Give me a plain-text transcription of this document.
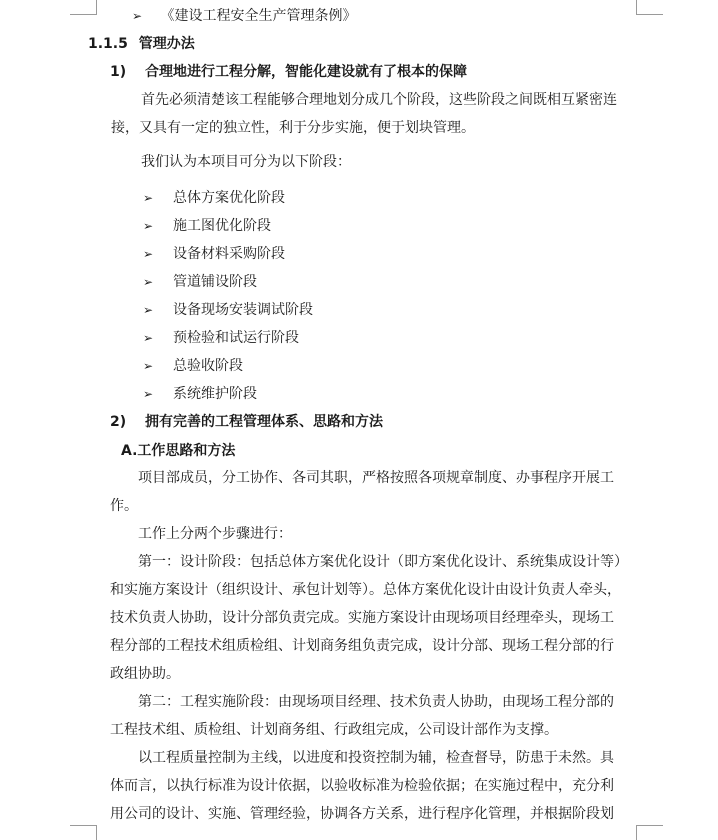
➢ 《建设工程安全生产管理条例》
1.1.5 管理办法
1) 合理地进行工程分解，智能化建设就有了根本的保障
首先必须清楚该工程能够合理地划分成几个阶段，这些阶段之间既相互紧密连
接，又具有一定的独立性，利于分步实施，便于划块管理。
我们认为本项目可分为以下阶段：
➢ 总体方案优化阶段
➢ 施工图优化阶段
➢ 设备材料采购阶段
➢ 管道铺设阶段
➢ 设备现场安装调试阶段
➢ 预检验和试运行阶段
➢ 总验收阶段
➢ 系统维护阶段
2) 拥有完善的工程管理体系、思路和方法
A.工作思路和方法
项目部成员，分工协作、各司其职，严格按照各项规章制度、办事程序开展工
作。
工作上分两个步骤进行：
第一：设计阶段：包括总体方案优化设计（即方案优化设计、系统集成设计等）
和实施方案设计（组织设计、承包计划等）。总体方案优化设计由设计负责人牵头，
技术负责人协助，设计分部负责完成。实施方案设计由现场项目经理牵头，现场工
程分部的工程技术组质检组、计划商务组负责完成，设计分部、现场工程分部的行
政组协助。
第二：工程实施阶段：由现场项目经理、技术负责人协助，由现场工程分部的
工程技术组、质检组、计划商务组、行政组完成，公司设计部作为支撑。
以工程质量控制为主线，以进度和投资控制为辅，检查督导，防患于未然。具
体而言，以执行标准为设计依据，以验收标准为检验依据；在实施过程中，充分利
用公司的设计、实施、管理经验，协调各方关系，进行程序化管理，并根据阶段划
